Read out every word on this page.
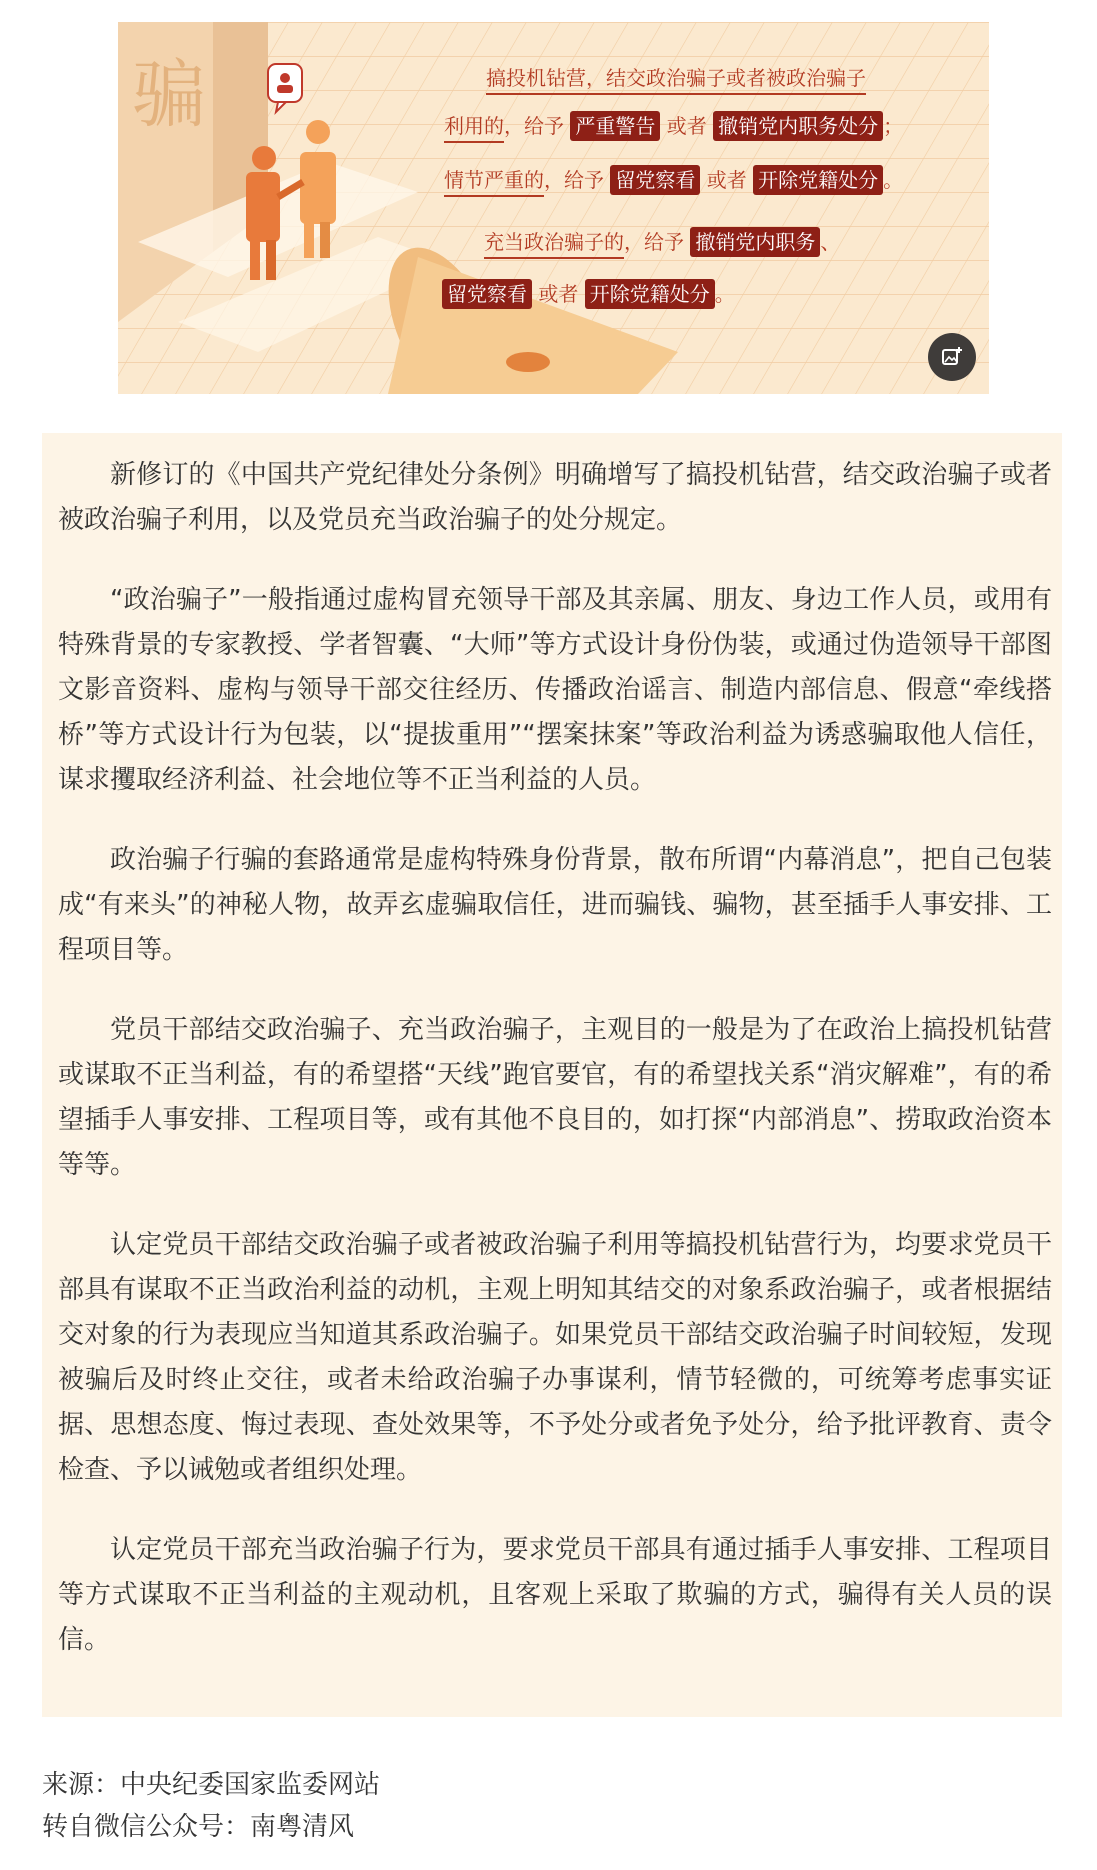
骗	搞投机钻营，结交政治骗子或者被政治骗子
利用的，给予 严重警告 或者 撤销党内职务处分 ；
情节严重的，给予 留党察看 或者 开除党籍处分 。
充当政治骗子的，给予 撤销党内职务 、
留党察看 或者 开除党籍处分 。

新修订的《中国共产党纪律处分条例》明确增写了搞投机钻营，结交政治骗子或者被政治骗子利用，以及党员充当政治骗子的处分规定。

“政治骗子”一般指通过虚构冒充领导干部及其亲属、朋友、身边工作人员，或用有特殊背景的专家教授、学者智囊、“大师”等方式设计身份伪装，或通过伪造领导干部图文影音资料、虚构与领导干部交往经历、传播政治谣言、制造内部信息、假意“牵线搭桥”等方式设计行为包装，以“提拔重用”“摆案抹案”等政治利益为诱惑骗取他人信任，谋求攫取经济利益、社会地位等不正当利益的人员。

政治骗子行骗的套路通常是虚构特殊身份背景，散布所谓“内幕消息”，把自己包装成“有来头”的神秘人物，故弄玄虚骗取信任，进而骗钱、骗物，甚至插手人事安排、工程项目等。

党员干部结交政治骗子、充当政治骗子，主观目的一般是为了在政治上搞投机钻营或谋取不正当利益，有的希望搭“天线”跑官要官，有的希望找关系“消灾解难”，有的希望插手人事安排、工程项目等，或有其他不良目的，如打探“内部消息”、捞取政治资本等等。

认定党员干部结交政治骗子或者被政治骗子利用等搞投机钻营行为，均要求党员干部具有谋取不正当政治利益的动机，主观上明知其结交的对象系政治骗子，或者根据结交对象的行为表现应当知道其系政治骗子。如果党员干部结交政治骗子时间较短，发现被骗后及时终止交往，或者未给政治骗子办事谋利，情节轻微的，可统筹考虑事实证据、思想态度、悔过表现、查处效果等，不予处分或者免予处分，给予批评教育、责令检查、予以诫勉或者组织处理。

认定党员干部充当政治骗子行为，要求党员干部具有通过插手人事安排、工程项目等方式谋取不正当利益的主观动机，且客观上采取了欺骗的方式，骗得有关人员的误信。

来源：中央纪委国家监委网站
转自微信公众号：南粤清风
